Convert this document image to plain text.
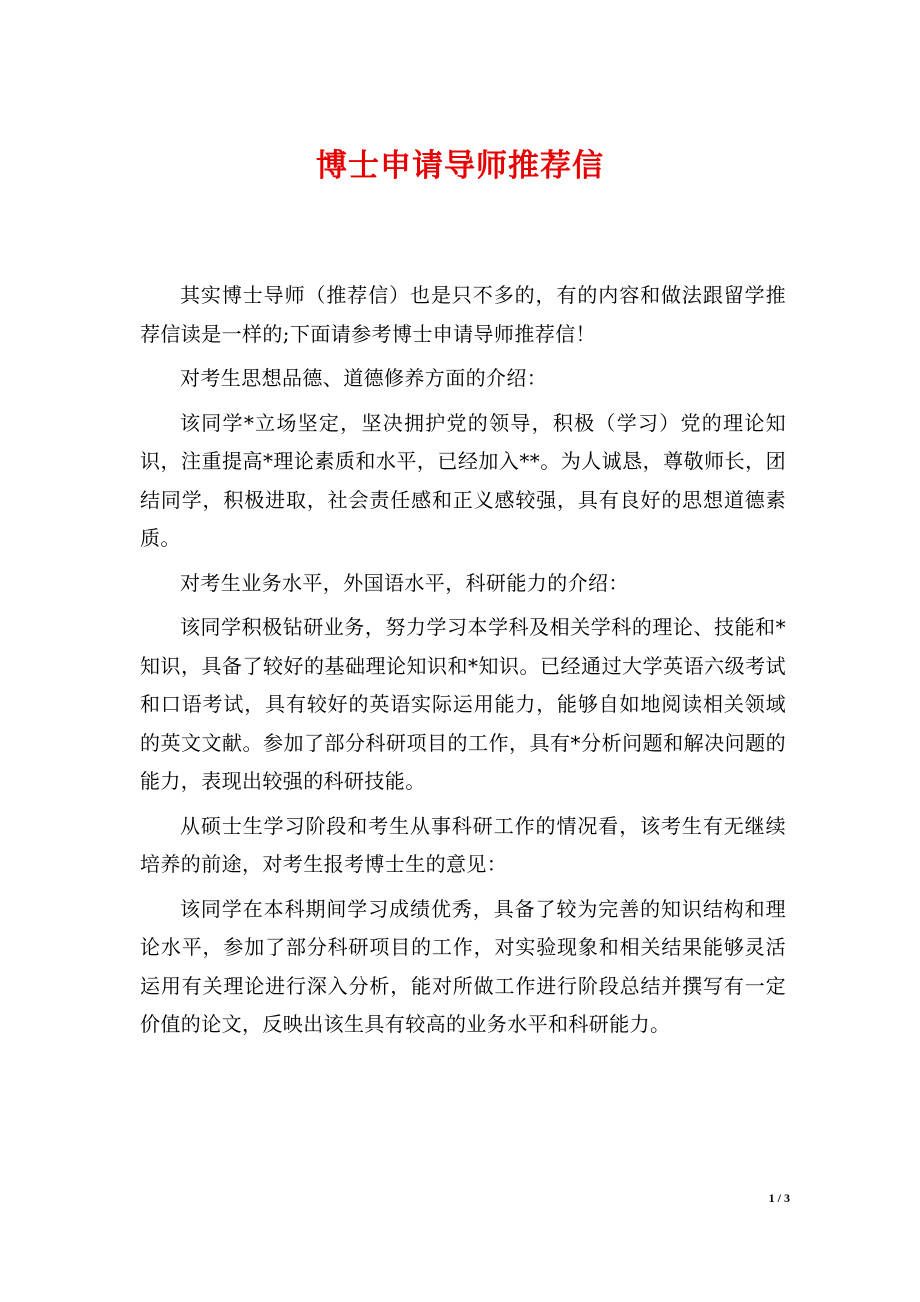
博士申请导师推荐信

其实博士导师（推荐信）也是只不多的，有的内容和做法跟留学推荐信读是一样的;下面请参考博士申请导师推荐信！

对考生思想品德、道德修养方面的介绍：

该同学*立场坚定，坚决拥护党的领导，积极（学习）党的理论知识，注重提高*理论素质和水平，已经加入**。为人诚恳，尊敬师长，团结同学，积极进取，社会责任感和正义感较强，具有良好的思想道德素质。

对考生业务水平，外国语水平，科研能力的介绍：

该同学积极钻研业务，努力学习本学科及相关学科的理论、技能和*知识，具备了较好的基础理论知识和*知识。已经通过大学英语六级考试和口语考试，具有较好的英语实际运用能力，能够自如地阅读相关领域的英文文献。参加了部分科研项目的工作，具有*分析问题和解决问题的能力，表现出较强的科研技能。

从硕士生学习阶段和考生从事科研工作的情况看，该考生有无继续培养的前途，对考生报考博士生的意见：

该同学在本科期间学习成绩优秀，具备了较为完善的知识结构和理论水平，参加了部分科研项目的工作，对实验现象和相关结果能够灵活运用有关理论进行深入分析，能对所做工作进行阶段总结并撰写有一定价值的论文，反映出该生具有较高的业务水平和科研能力。

1 / 3
